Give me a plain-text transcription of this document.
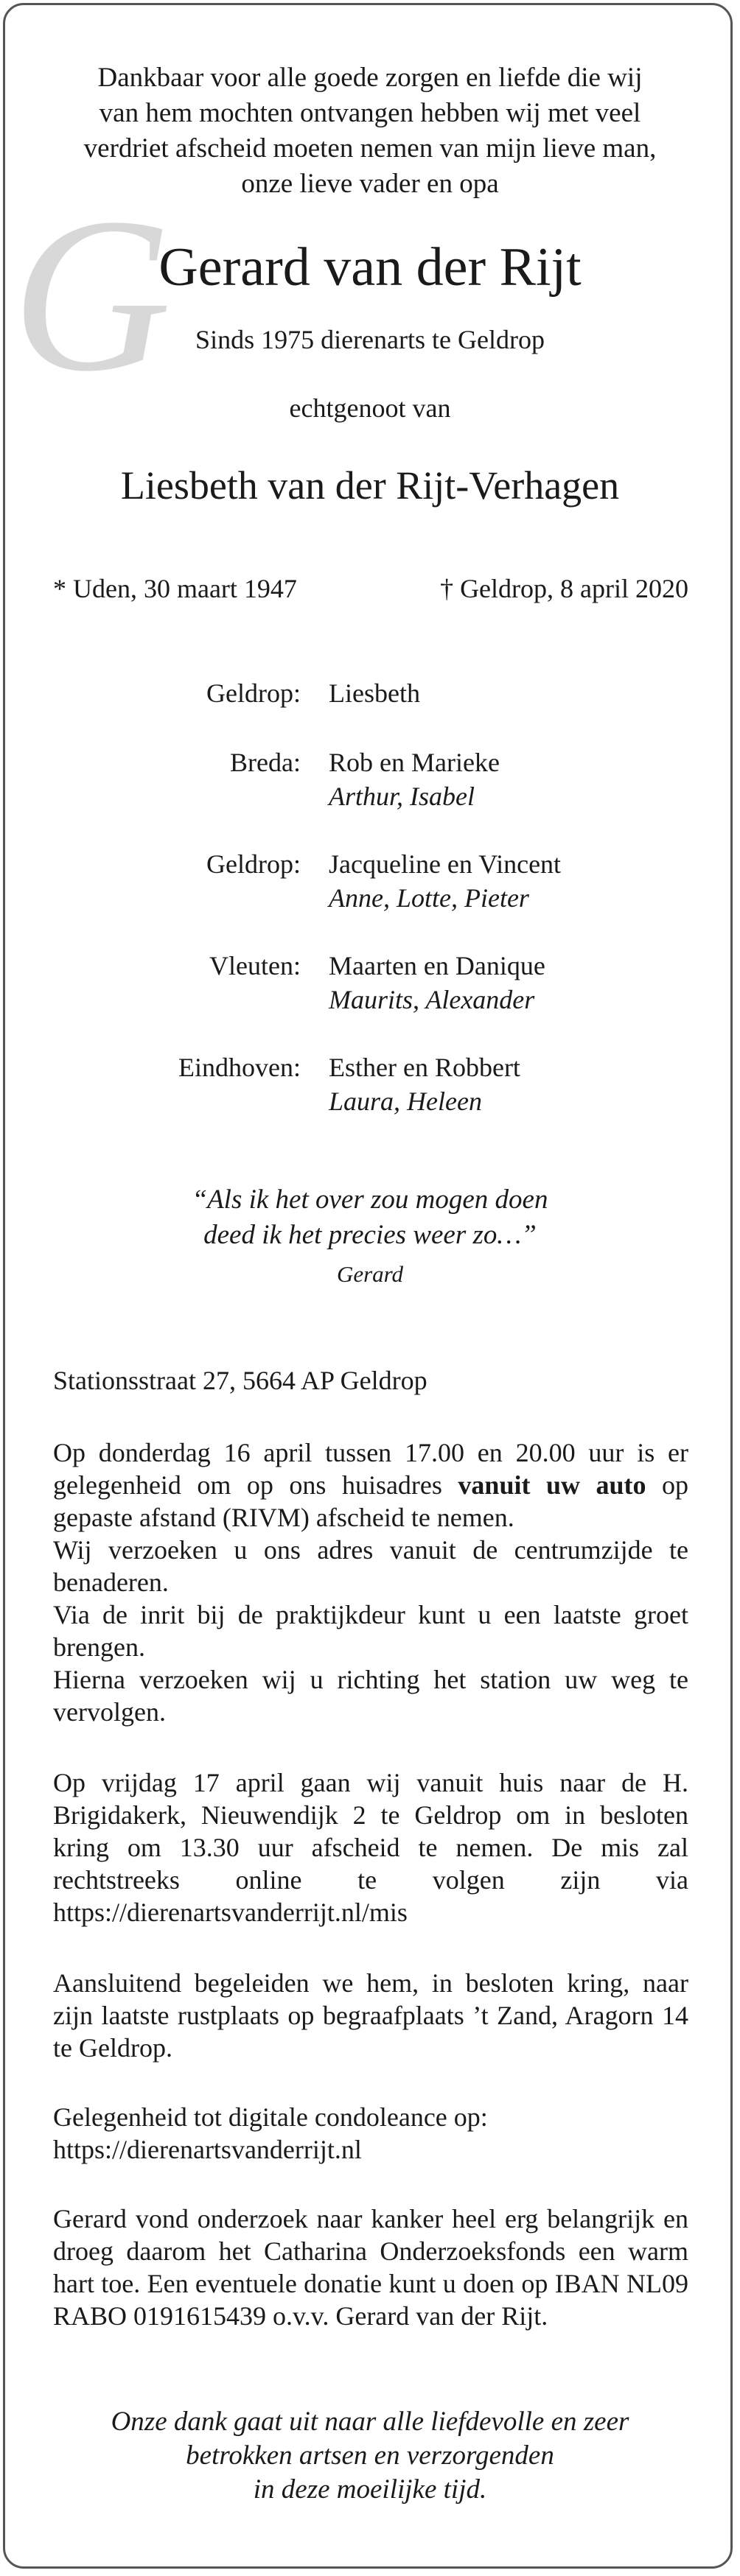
Dankbaar voor alle goede zorgen en liefde die wij
van hem mochten ontvangen hebben wij met veel
verdriet afscheid moeten nemen van mijn lieve man,
onze lieve vader en opa
G
Gerard van der Rijt
Sinds 1975 dierenarts te Geldrop
echtgenoot van
Liesbeth van der Rijt-Verhagen
* Uden, 30 maart 1947	† Geldrop, 8 april 2020
Geldrop: Liesbeth
Breda: Rob en Marieke
Arthur, Isabel
Geldrop: Jacqueline en Vincent
Anne, Lotte, Pieter
Vleuten: Maarten en Danique
Maurits, Alexander
Eindhoven: Esther en Robbert
Laura, Heleen
“Als ik het over zou mogen doen
deed ik het precies weer zo…”
Gerard

Stationsstraat 27, 5664 AP Geldrop

Op donderdag 16 april tussen 17.00 en 20.00 uur is er gelegenheid om op ons huisadres vanuit uw auto op gepaste afstand (RIVM) afscheid te nemen.

Wij verzoeken u ons adres vanuit de centrumzijde te benaderen.

Via de inrit bij de praktijkdeur kunt u een laatste groet brengen.

Hierna verzoeken wij u richting het station uw weg te vervolgen.

Op vrijdag 17 april gaan wij vanuit huis naar de H. Brigidakerk, Nieuwendijk 2 te Geldrop om in besloten kring om 13.30 uur afscheid te nemen. De mis zal rechtstreeks online te volgen zijn via https://dierenartsvanderrijt.nl/mis

Aansluitend begeleiden we hem, in besloten kring, naar zijn laatste rustplaats op begraafplaats ’t Zand, Aragorn 14 te Geldrop.

Gelegenheid tot digitale condoleance op:

https://dierenartsvanderrijt.nl

Gerard vond onderzoek naar kanker heel erg belangrijk en droeg daarom het Catharina Onderzoeksfonds een warm hart toe. Een eventuele donatie kunt u doen op IBAN NL09 RABO 0191615439 o.v.v. Gerard van der Rijt.

Onze dank gaat uit naar alle liefdevolle en zeer
betrokken artsen en verzorgenden
in deze moeilijke tijd.
